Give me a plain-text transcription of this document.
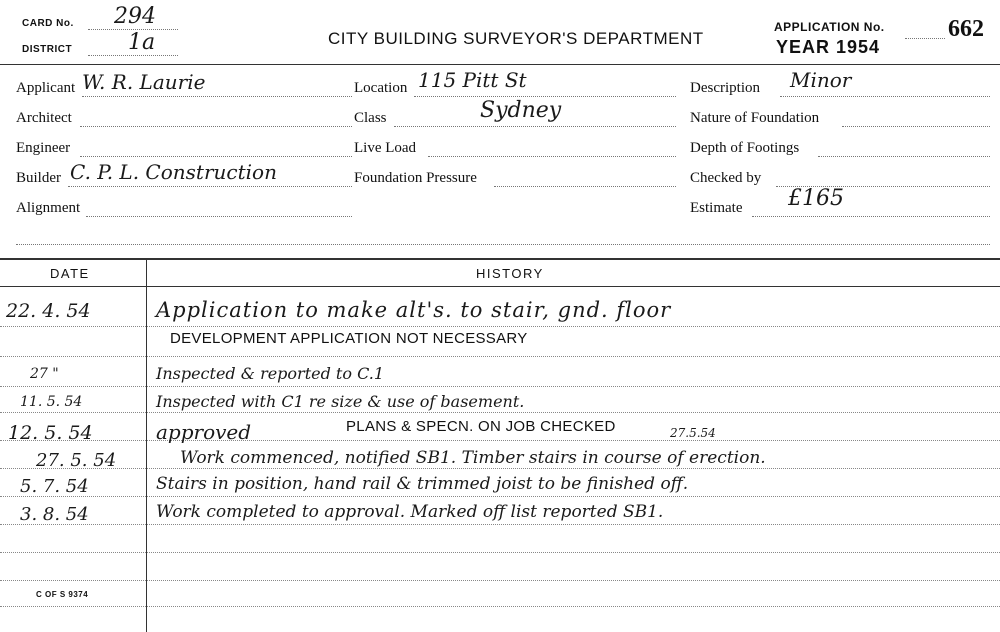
CARD No. 294
DISTRICT	1a	CITY BUILDING SURVEYOR'S DEPARTMENT
APPLICATION No.	662
YEAR 1954
Applicant W. R. Laurie
Architect
Engineer
Builder C. P. L. Construction
Alignment
Location 115 Pitt St
Class	Sydney
Live Load
Foundation Pressure
Description Minor
Nature of Foundation
Depth of Footings
Checked by
Estimate £165
DATE	HISTORY
22. 4. 54	Application to make alt's. to stair, gnd. floor
DEVELOPMENT APPLICATION NOT NECESSARY
27 "	Inspected & reported to C.1
11. 5. 54	Inspected with C1 re size & use of basement.
12. 5. 54	approved	PLANS & SPECN. ON JOB CHECKED	27.5.54
27. 5. 54	Work commenced, notified SB1. Timber stairs in course of erection.
5. 7. 54	Stairs in position, hand rail & trimmed joist to be finished off.
3. 8. 54	Work completed to approval. Marked off list reported SB1.
C OF S 9374
